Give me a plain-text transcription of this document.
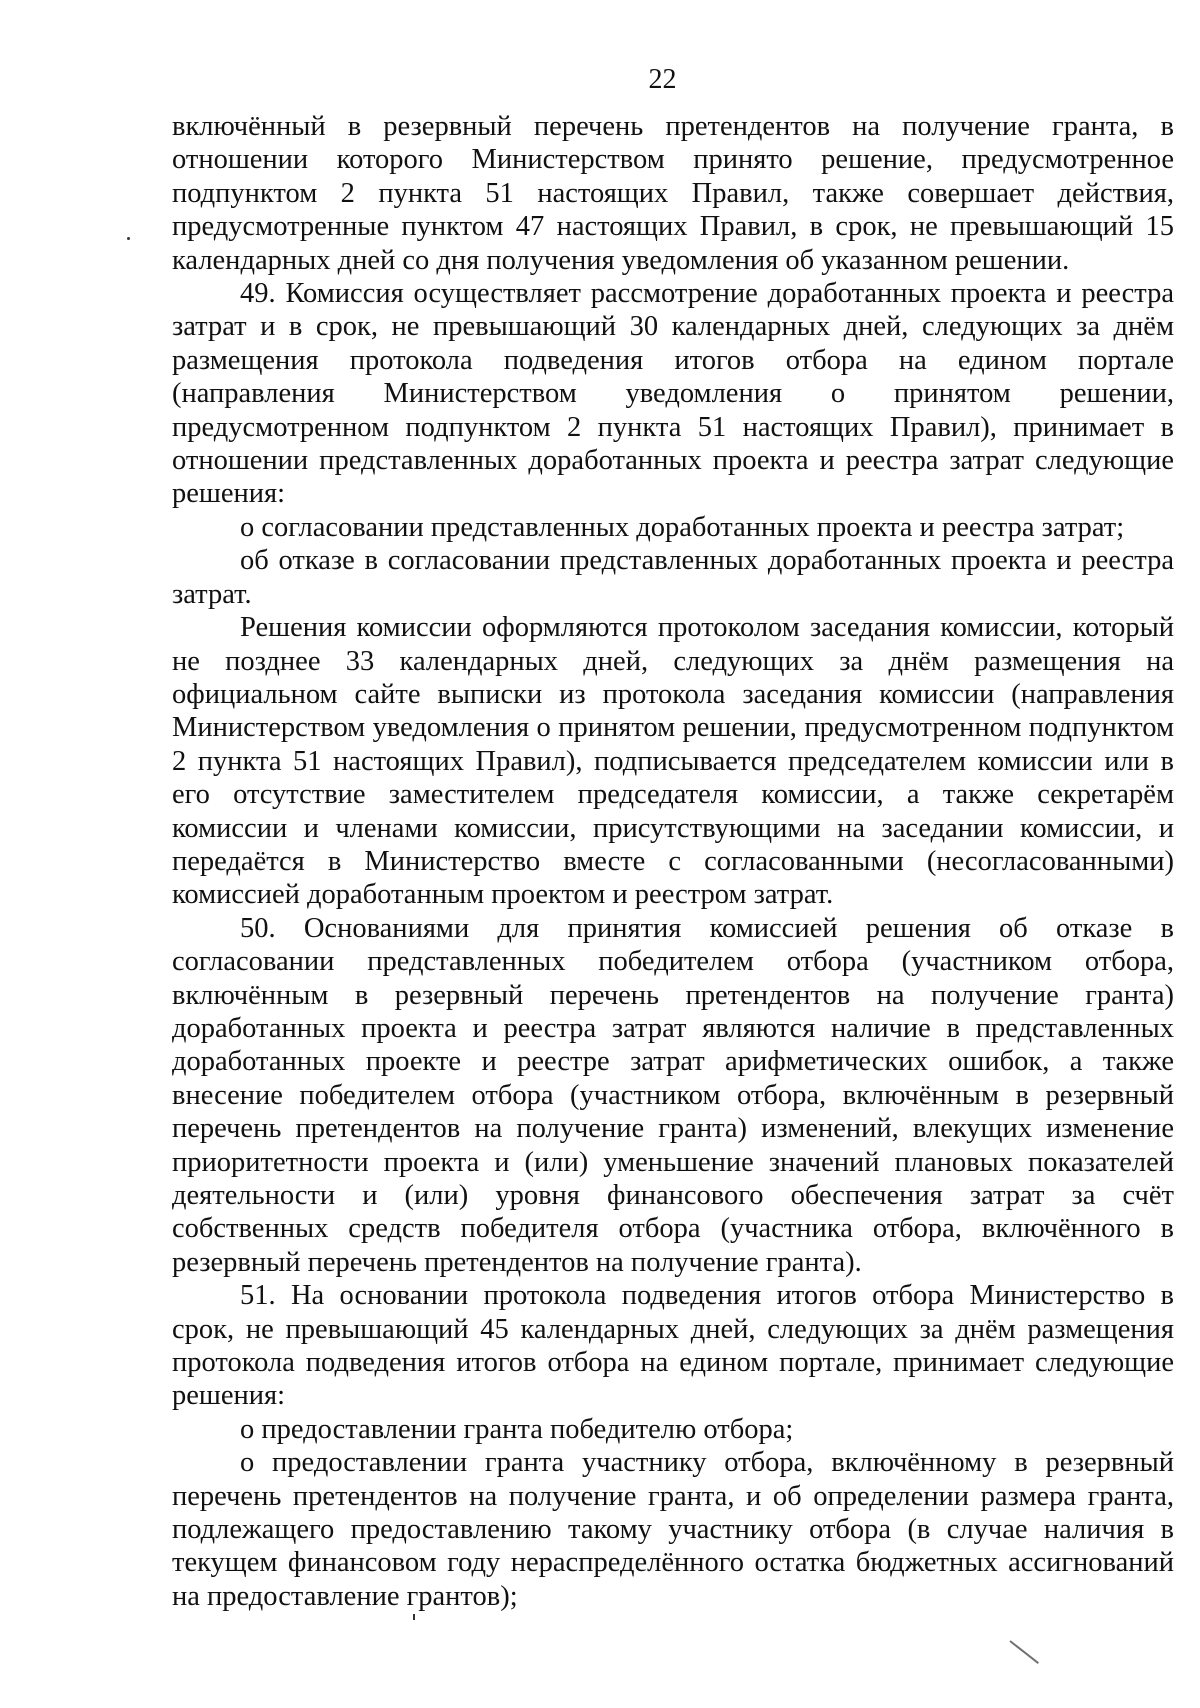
22

включённый в резервный перечень претендентов на получение гранта, в отношении которого Министерством принято решение, предусмотренное подпунктом 2 пункта 51 настоящих Правил, также совершает действия, предусмотренные пунктом 47 настоящих Правил, в срок, не превышающий 15 календарных дней со дня получения уведомления об указанном решении.

49. Комиссия осуществляет рассмотрение доработанных проекта и реестра затрат и в срок, не превышающий 30 календарных дней, следующих за днём размещения протокола подведения итогов отбора на едином портале (направления Министерством уведомления о принятом решении, предусмотренном подпунктом 2 пункта 51 настоящих Правил), принимает в отношении представленных доработанных проекта и реестра затрат следующие решения:

о согласовании представленных доработанных проекта и реестра затрат;

об отказе в согласовании представленных доработанных проекта и реестра затрат.

Решения комиссии оформляются протоколом заседания комиссии, который не позднее 33 календарных дней, следующих за днём размещения на официальном сайте выписки из протокола заседания комиссии (направления Министерством уведомления о принятом решении, предусмотренном подпунктом 2 пункта 51 настоящих Правил), подписывается председателем комиссии или в его отсутствие заместителем председателя комиссии, а также секретарём комиссии и членами комиссии, присутствующими на заседании комиссии, и передаётся в Министерство вместе с согласованными (несогласованными) комиссией доработанным проектом и реестром затрат.

50. Основаниями для принятия комиссией решения об отказе в согласовании представленных победителем отбора (участником отбора, включённым в резервный перечень претендентов на получение гранта) доработанных проекта и реестра затрат являются наличие в представленных доработанных проекте и реестре затрат арифметических ошибок, а также внесение победителем отбора (участником отбора, включённым в резервный перечень претендентов на получение гранта) изменений, влекущих изменение приоритетности проекта и (или) уменьшение значений плановых показателей деятельности и (или) уровня финансового обеспечения затрат за счёт собственных средств победителя отбора (участника отбора, включённого в резервный перечень претендентов на получение гранта).

51. На основании протокола подведения итогов отбора Министерство в срок, не превышающий 45 календарных дней, следующих за днём размещения протокола подведения итогов отбора на едином портале, принимает следующие решения:

о предоставлении гранта победителю отбора;

о предоставлении гранта участнику отбора, включённому в резервный перечень претендентов на получение гранта, и об определении размера гранта, подлежащего предоставлению такому участнику отбора (в случае наличия в текущем финансовом году нераспределённого остатка бюджетных ассигнований на предоставление грантов);
